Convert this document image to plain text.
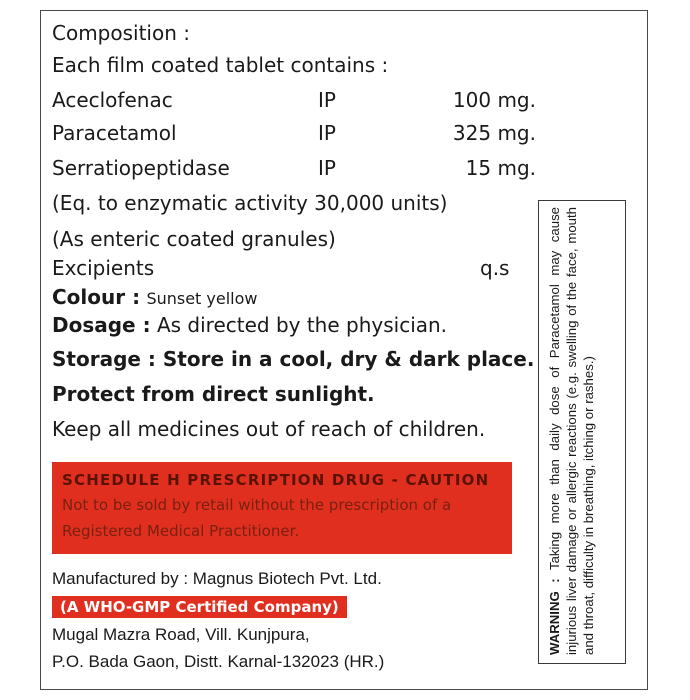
Composition :
Each film coated tablet contains :
Aceclofenac	IP	100 mg.
Paracetamol	IP	325 mg.
Serratiopeptidase	IP	15 mg.
(Eq. to enzymatic activity 30,000 units)
(As enteric coated granules)
Excipients	q.s
Colour : Sunset yellow
Dosage : As directed by the physician.
Storage : Store in a cool, dry & dark place.
Protect from direct sunlight.
Keep all medicines out of reach of children.
SCHEDULE H PRESCRIPTION DRUG - CAUTION
Not to be sold by retail without the prescription of a Registered Medical Practitioner.
Manufactured by : Magnus Biotech Pvt. Ltd.
(A WHO-GMP Certified Company)
Mugal Mazra Road, Vill. Kunjpura,
P.O. Bada Gaon, Distt. Karnal-132023 (HR.)
WARNING : Taking more than daily dose of Paracetamol may cause injurious liver damage or allergic reactions (e.g. swelling of the face, mouth and throat, difficulty in breathing, itching or rashes.)
